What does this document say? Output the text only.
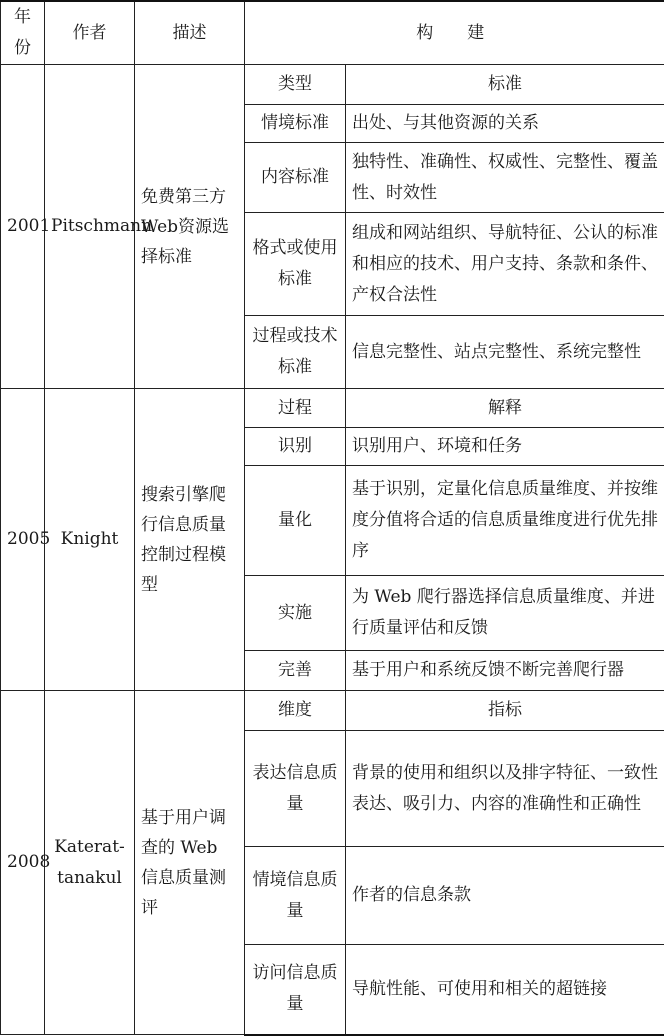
年份	作者	描述	构　建	
2001	Pitschmann	免费第三方Web资源选择标准	类型	标准
			情境标准	出处、与其他资源的关系
			内容标准	独特性、准确性、权威性、完整性、覆盖性、时效性
			格式或使用标准	组成和网站组织、导航特征、公认的标准和相应的技术、用户支持、条款和条件、产权合法性
			过程或技术标准	信息完整性、站点完整性、系统完整性
2005	Knight	搜索引擎爬行信息质量控制过程模型	过程	解释
			识别	识别用户、环境和任务
			量化	基于识别，定量化信息质量维度、并按维度分值将合适的信息质量维度进行优先排序
			实施	为 Web 爬行器选择信息质量维度、并进行质量评估和反馈
			完善	基于用户和系统反馈不断完善爬行器
2008	Katerat-tanakul	基于用户调查的 Web 信息质量测评	维度	指标
			表达信息质量	背景的使用和组织以及排字特征、一致性表达、吸引力、内容的准确性和正确性
			情境信息质量	作者的信息条款
			访问信息质量	导航性能、可使用和相关的超链接
